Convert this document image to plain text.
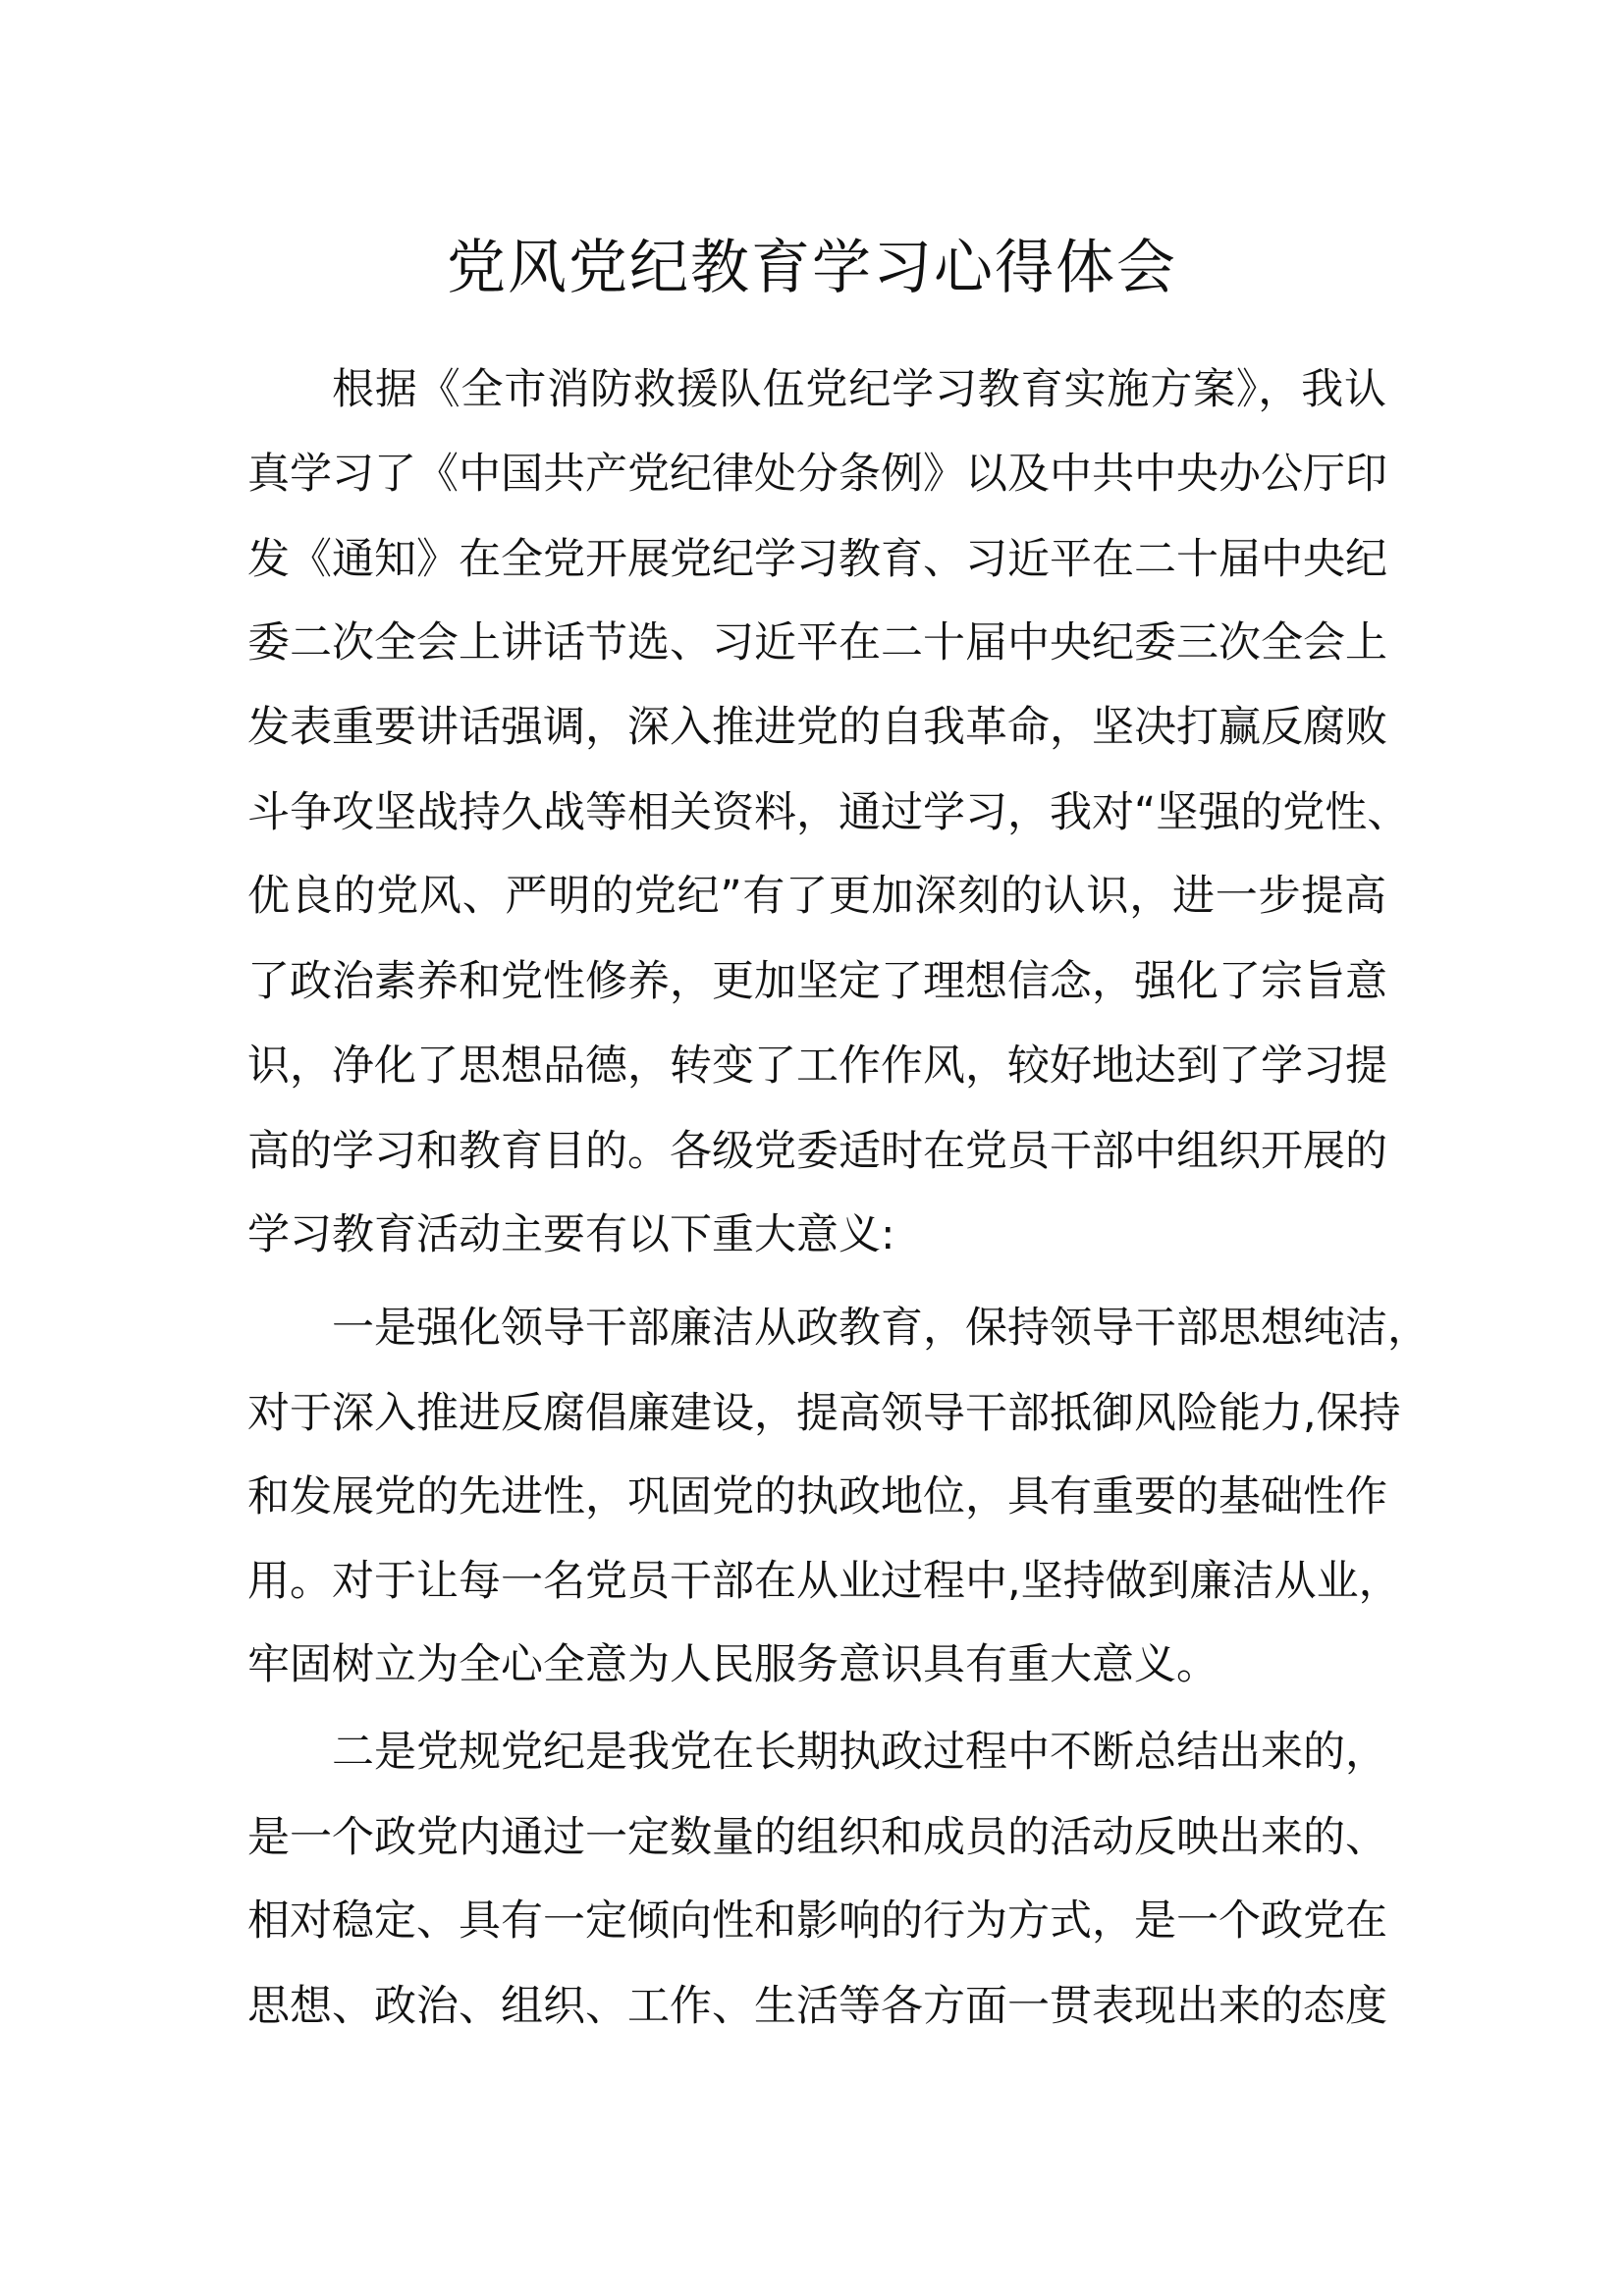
党风党纪教育学习心得体会
根据《全市消防救援队伍党纪学习教育实施方案》，我认
真学习了《中国共产党纪律处分条例》以及中共中央办公厅印
发《通知》在全党开展党纪学习教育、习近平在二十届中央纪
委二次全会上讲话节选、习近平在二十届中央纪委三次全会上
发表重要讲话强调，深入推进党的自我革命，坚决打赢反腐败
斗争攻坚战持久战等相关资料，通过学习，我对“坚强的党性、
优良的党风、严明的党纪”有了更加深刻的认识，进一步提高
了政治素养和党性修养，更加坚定了理想信念，强化了宗旨意
识，净化了思想品德，转变了工作作风，较好地达到了学习提
高的学习和教育目的。各级党委适时在党员干部中组织开展的
学习教育活动主要有以下重大意义:
一是强化领导干部廉洁从政教育，保持领导干部思想纯洁，
对于深入推进反腐倡廉建设，提高领导干部抵御风险能力,保持
和发展党的先进性，巩固党的执政地位，具有重要的基础性作
用。对于让每一名党员干部在从业过程中,坚持做到廉洁从业，
牢固树立为全心全意为人民服务意识具有重大意义。
二是党规党纪是我党在长期执政过程中不断总结出来的，
是一个政党内通过一定数量的组织和成员的活动反映出来的、
相对稳定、具有一定倾向性和影响的行为方式，是一个政党在
思想、政治、组织、工作、生活等各方面一贯表现出来的态度
